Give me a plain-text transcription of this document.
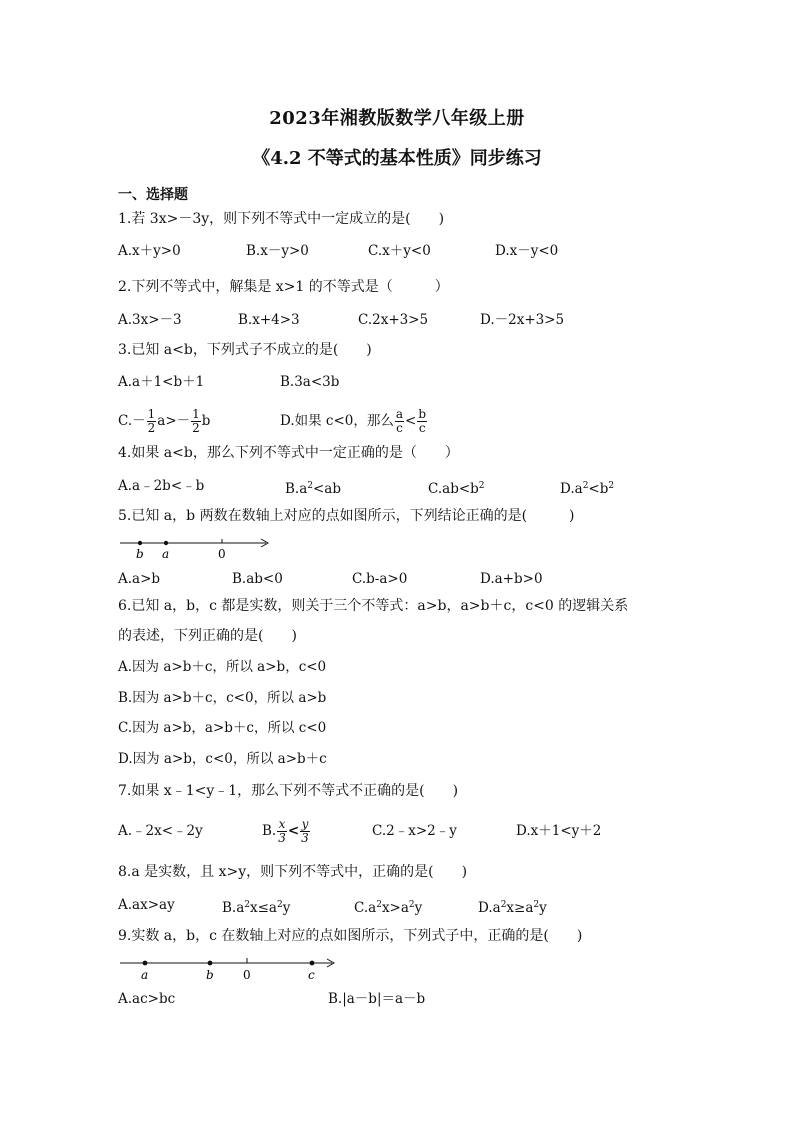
2023年湘教版数学八年级上册
《4.2 不等式的基本性质》同步练习
一、选择题
1.若 3x>－3y，则下列不等式中一定成立的是(　　)
A.x＋y>0	B.x－y>0	C.x＋y<0	D.x－y<0
2.下列不等式中，解集是 x>1 的不等式是（　　　）
A.3x>－3	B.x+4>3	C.2x+3>5	D.－2x+3>5
3.已知 a<b，下列式子不成立的是(　　)
A.a＋1<b＋1	B.3a<3b
$C.- \frac{1}{2} a>- \frac{1}{2}$ b	D.如果 c<0，那么 $\frac{a}{c} < \frac{b}{c}$
4.如果 a<b，那么下列不等式中一定正确的是（　　）
A.a﹣2b<﹣b	$B.a^2<ab$	$C.ab<b^2$	$D.a^2<b^2$
5.已知 a，b 两数在数轴上对应的点如图所示，下列结论正确的是(　　　)
b a	0
A.a>b	B.ab<0	C.b-a>0	D.a+b>0
6.已知 a，b，c 都是实数，则关于三个不等式：a>b，a>b＋c，c<0 的逻辑关系
的表述，下列正确的是(　　)
A.因为 a>b＋c，所以 a>b，c<0
B.因为 a>b＋c，c<0，所以 a>b
C.因为 a>b，a>b＋c，所以 c<0
D.因为 a>b，c<0，所以 a>b＋c
7.如果 x﹣1<y﹣1，那么下列不等式不正确的是(　　)
A.﹣2x<﹣2y	B. $\frac{x}{3} < \frac{y}{3}$	C.2﹣x>2﹣y	D.x＋1<y＋2
8.a 是实数，且 x>y，则下列不等式中，正确的是(　　)
A.ax>ay	$B.a^2x\le a^2y$	$C.a^2x>a^2y$	$D.a^2x\ge a^2y$
9.实数 a，b，c 在数轴上对应的点如图所示，下列式子中，正确的是(　　)
a	b 0	c
A.ac>bc	B.|a－b|＝a－b
